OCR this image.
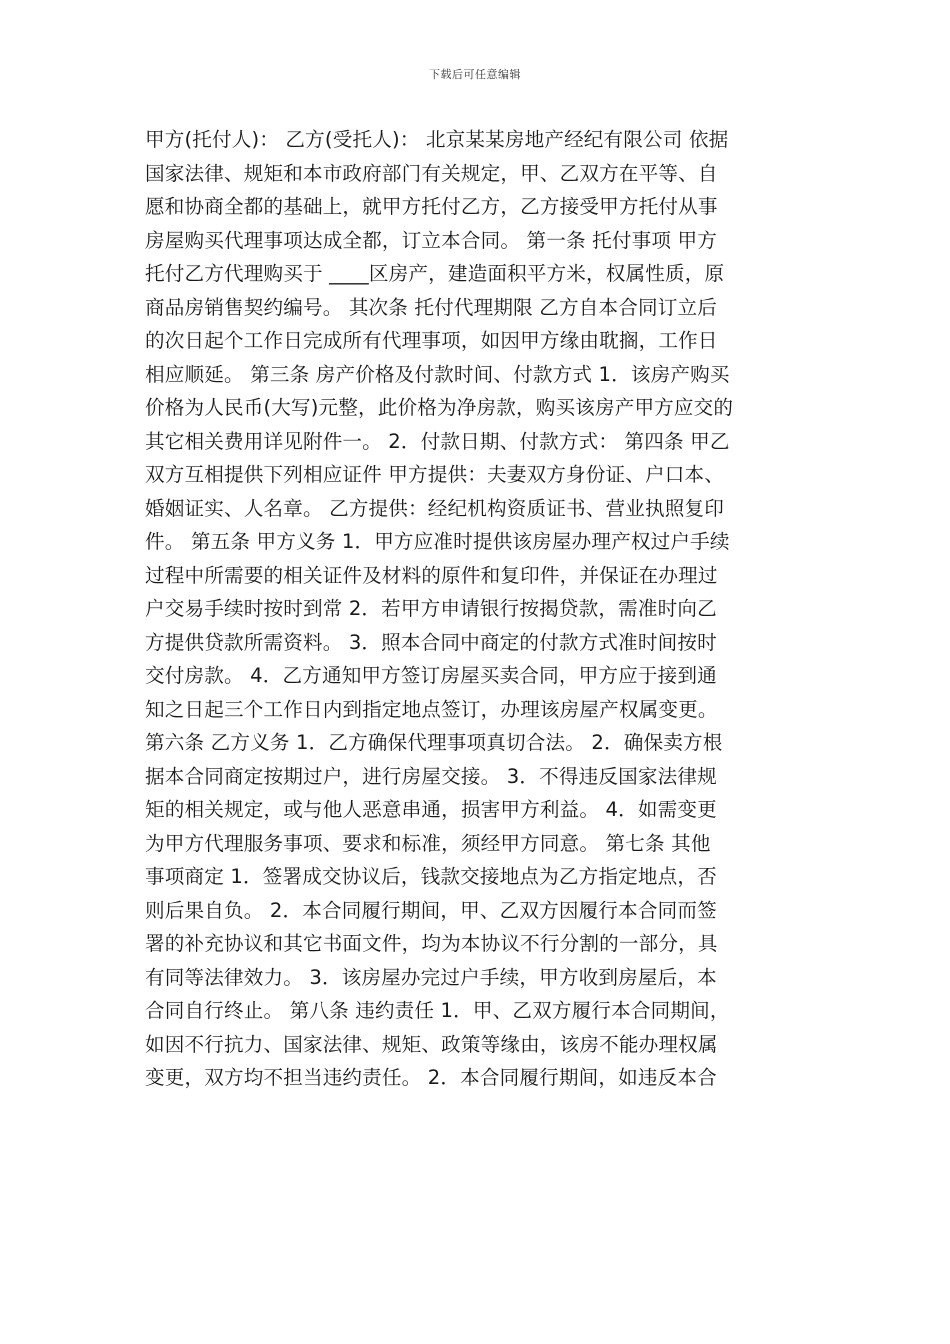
下载后可任意编辑
甲方(托付人)： 乙方(受托人)： 北京某某房地产经纪有限公司 依据
国家法律、规矩和本市政府部门有关规定，甲、乙双方在平等、自
愿和协商全都的基础上，就甲方托付乙方，乙方接受甲方托付从事
房屋购买代理事项达成全都，订立本合同。 第一条 托付事项 甲方
托付乙方代理购买于 ____区房产，建造面积平方米，权属性质，原
商品房销售契约编号。 其次条 托付代理期限 乙方自本合同订立后
的次日起个工作日完成所有代理事项，如因甲方缘由耽搁，工作日
相应顺延。 第三条 房产价格及付款时间、付款方式 1．该房产购买
价格为人民币(大写)元整，此价格为净房款，购买该房产甲方应交的
其它相关费用详见附件一。 2．付款日期、付款方式： 第四条 甲乙
双方互相提供下列相应证件 甲方提供：夫妻双方身份证、户口本、
婚姻证实、人名章。 乙方提供：经纪机构资质证书、营业执照复印
件。 第五条 甲方义务 1．甲方应准时提供该房屋办理产权过户手续
过程中所需要的相关证件及材料的原件和复印件，并保证在办理过
户交易手续时按时到常 2．若甲方申请银行按揭贷款，需准时向乙
方提供贷款所需资料。 3．照本合同中商定的付款方式准时间按时
交付房款。 4．乙方通知甲方签订房屋买卖合同，甲方应于接到通
知之日起三个工作日内到指定地点签订，办理该房屋产权属变更。
第六条 乙方义务 1．乙方确保代理事项真切合法。 2．确保卖方根
据本合同商定按期过户，进行房屋交接。 3．不得违反国家法律规
矩的相关规定，或与他人恶意串通，损害甲方利益。 4．如需变更
为甲方代理服务事项、要求和标准，须经甲方同意。 第七条 其他
事项商定 1．签署成交协议后，钱款交接地点为乙方指定地点，否
则后果自负。 2．本合同履行期间，甲、乙双方因履行本合同而签
署的补充协议和其它书面文件，均为本协议不行分割的一部分，具
有同等法律效力。 3．该房屋办完过户手续，甲方收到房屋后，本
合同自行终止。 第八条 违约责任 1．甲、乙双方履行本合同期间，
如因不行抗力、国家法律、规矩、政策等缘由，该房不能办理权属
变更，双方均不担当违约责任。 2．本合同履行期间，如违反本合
